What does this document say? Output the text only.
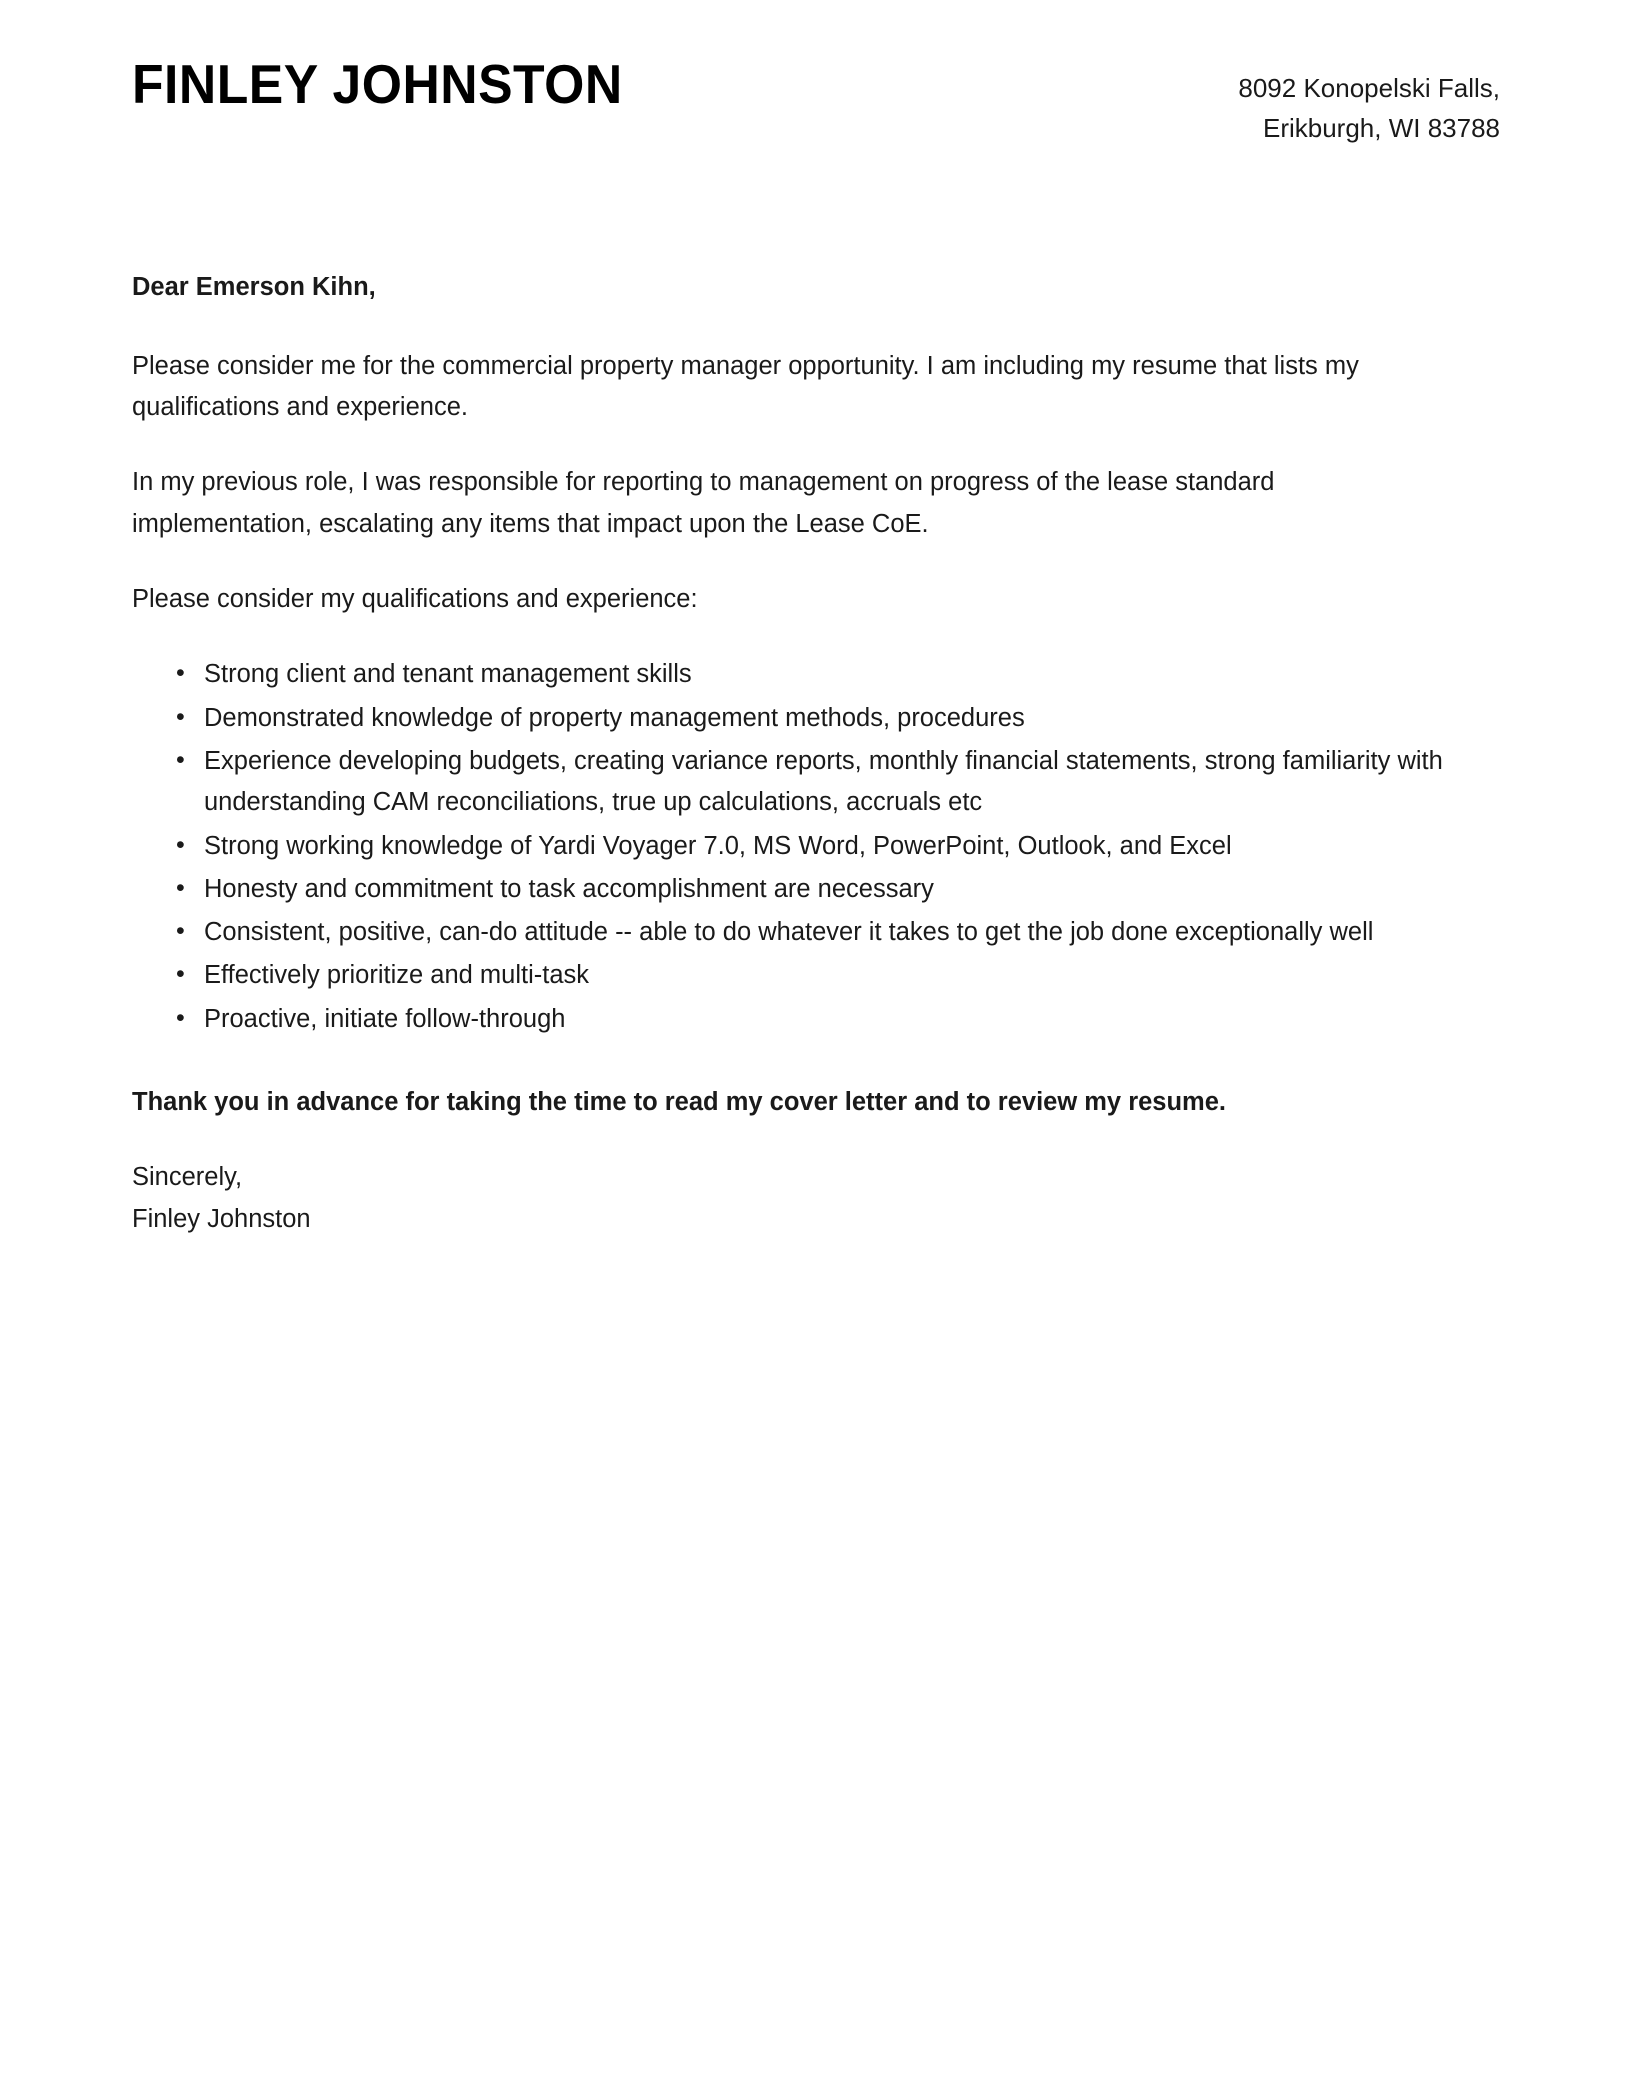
FINLEY JOHNSTON	8092 Konopelski Falls,
Erikburgh, WI 83788

Dear Emerson Kihn,

Please consider me for the commercial property manager opportunity. I am including my resume that lists my qualifications and experience.

In my previous role, I was responsible for reporting to management on progress of the lease standard implementation, escalating any items that impact upon the Lease CoE.

Please consider my qualifications and experience:

• Strong client and tenant management skills
• Demonstrated knowledge of property management methods, procedures
• Experience developing budgets, creating variance reports, monthly financial statements, strong familiarity with understanding CAM reconciliations, true up calculations, accruals etc
• Strong working knowledge of Yardi Voyager 7.0, MS Word, PowerPoint, Outlook, and Excel
• Honesty and commitment to task accomplishment are necessary
• Consistent, positive, can-do attitude -- able to do whatever it takes to get the job done exceptionally well
• Effectively prioritize and multi-task
• Proactive, initiate follow-through

Thank you in advance for taking the time to read my cover letter and to review my resume.

Sincerely,
Finley Johnston
